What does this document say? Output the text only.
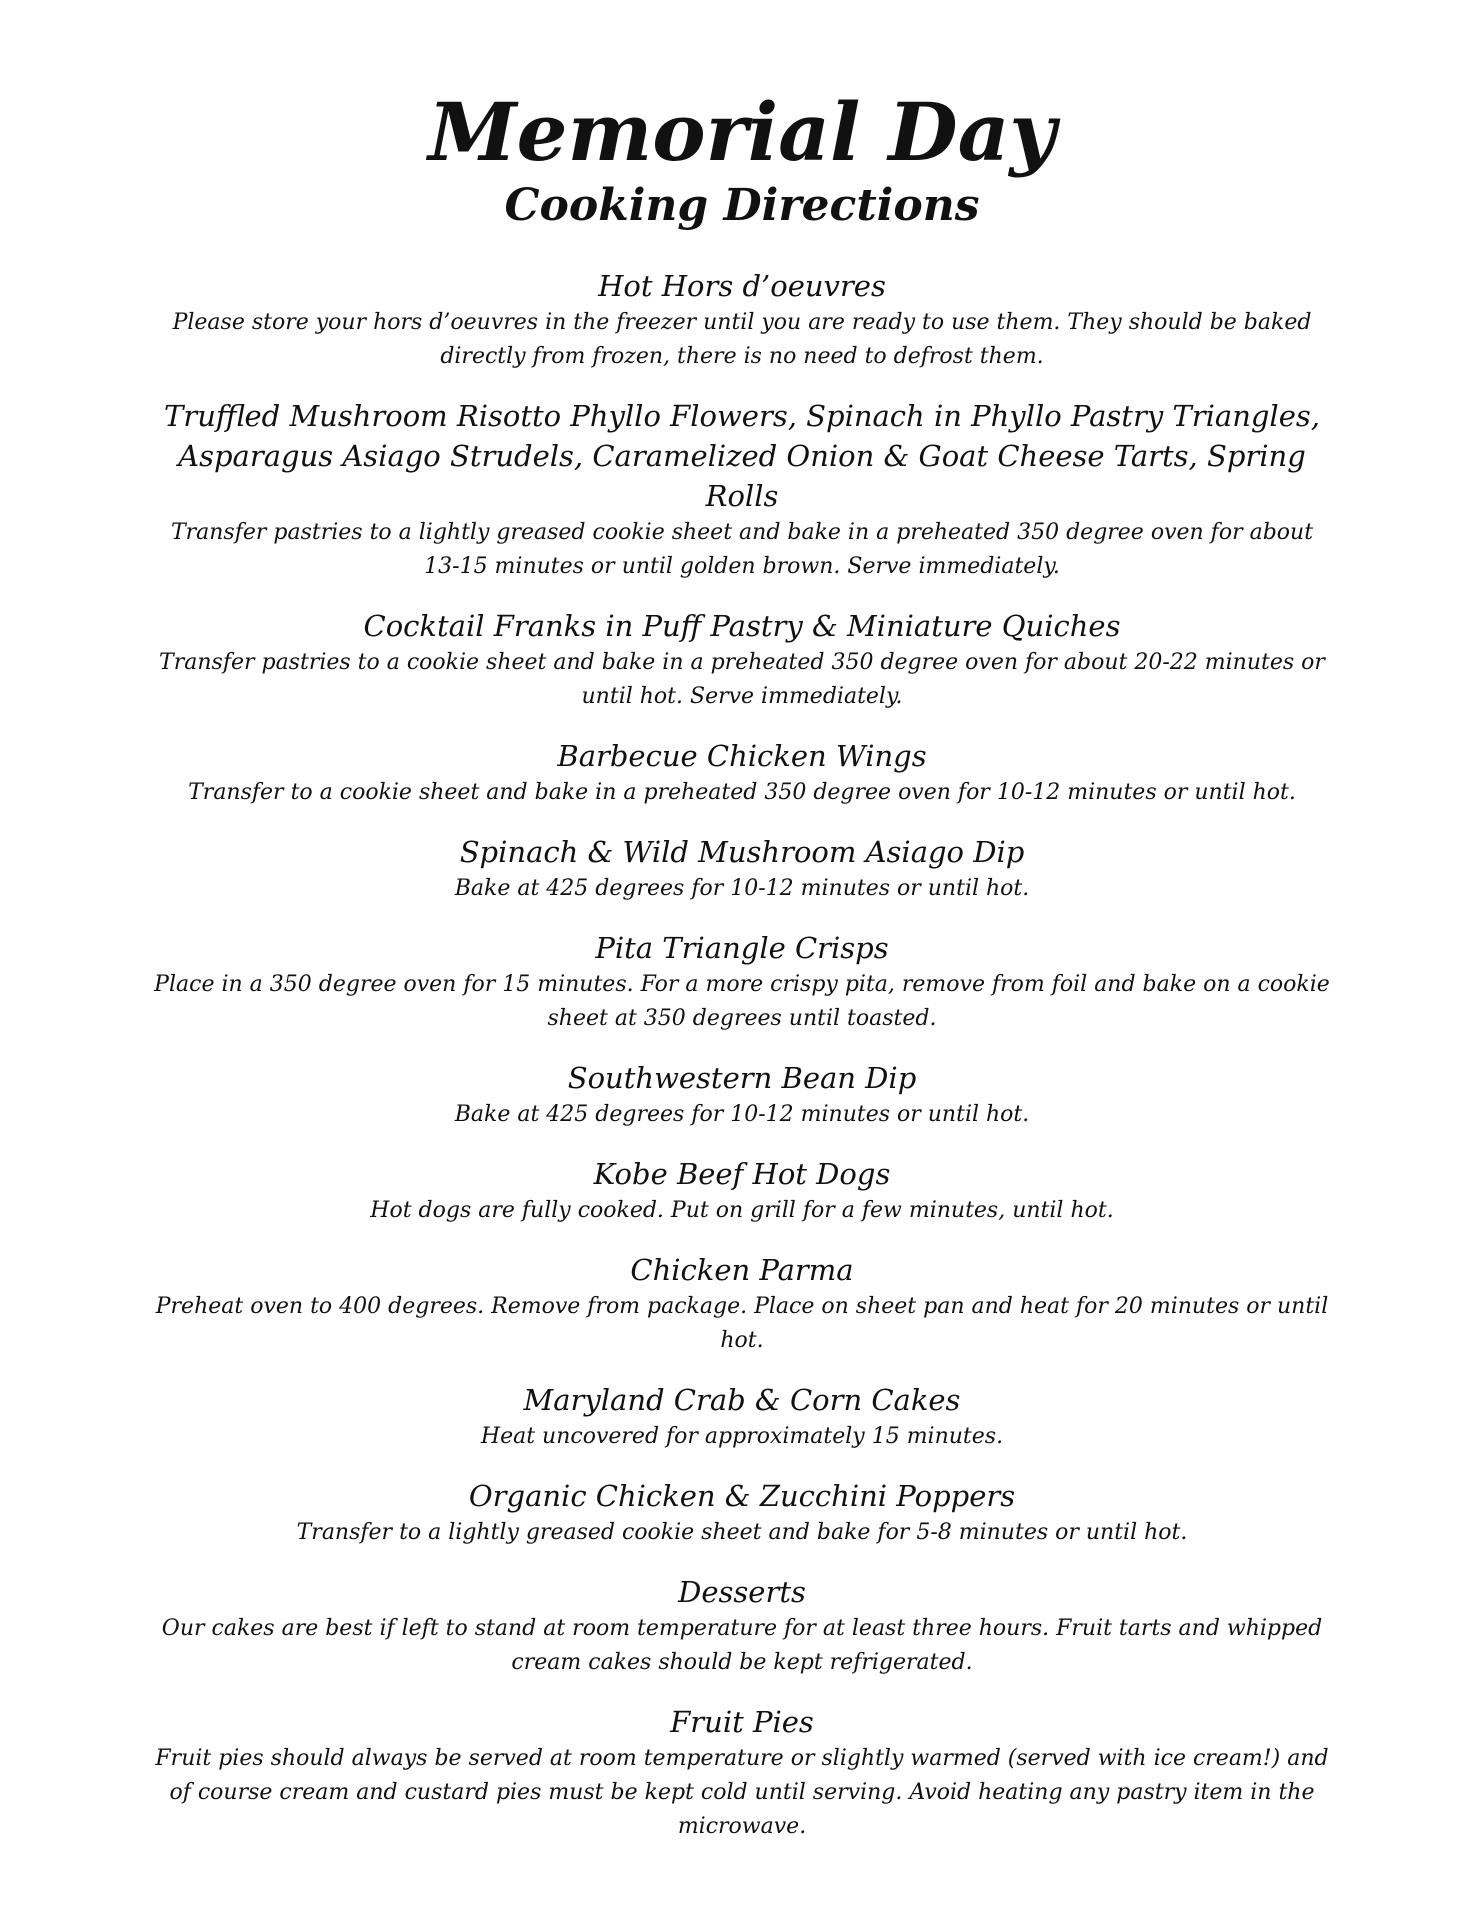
Memorial Day
Cooking Directions

Hot Hors d’oeuvres

Please store your hors d’oeuvres in the freezer until you are ready to use them. They should be baked directly from frozen, there is no need to defrost them.

Truffled Mushroom Risotto Phyllo Flowers, Spinach in Phyllo Pastry Triangles, Asparagus Asiago Strudels, Caramelized Onion & Goat Cheese Tarts, Spring Rolls

Transfer pastries to a lightly greased cookie sheet and bake in a preheated 350 degree oven for about 13-15 minutes or until golden brown. Serve immediately.

Cocktail Franks in Puff Pastry & Miniature Quiches

Transfer pastries to a cookie sheet and bake in a preheated 350 degree oven for about 20-22 minutes or until hot. Serve immediately.

Barbecue Chicken Wings

Transfer to a cookie sheet and bake in a preheated 350 degree oven for 10-12 minutes or until hot.

Spinach & Wild Mushroom Asiago Dip

Bake at 425 degrees for 10-12 minutes or until hot.

Pita Triangle Crisps

Place in a 350 degree oven for 15 minutes. For a more crispy pita, remove from foil and bake on a cookie sheet at 350 degrees until toasted.

Southwestern Bean Dip

Bake at 425 degrees for 10-12 minutes or until hot.

Kobe Beef Hot Dogs

Hot dogs are fully cooked. Put on grill for a few minutes, until hot.

Chicken Parma

Preheat oven to 400 degrees. Remove from package. Place on sheet pan and heat for 20 minutes or until hot.

Maryland Crab & Corn Cakes

Heat uncovered for approximately 15 minutes.

Organic Chicken & Zucchini Poppers

Transfer to a lightly greased cookie sheet and bake for 5-8 minutes or until hot.

Desserts

Our cakes are best if left to stand at room temperature for at least three hours. Fruit tarts and whipped cream cakes should be kept refrigerated.

Fruit Pies

Fruit pies should always be served at room temperature or slightly warmed (served with ice cream!) and of course cream and custard pies must be kept cold until serving. Avoid heating any pastry item in the microwave.
